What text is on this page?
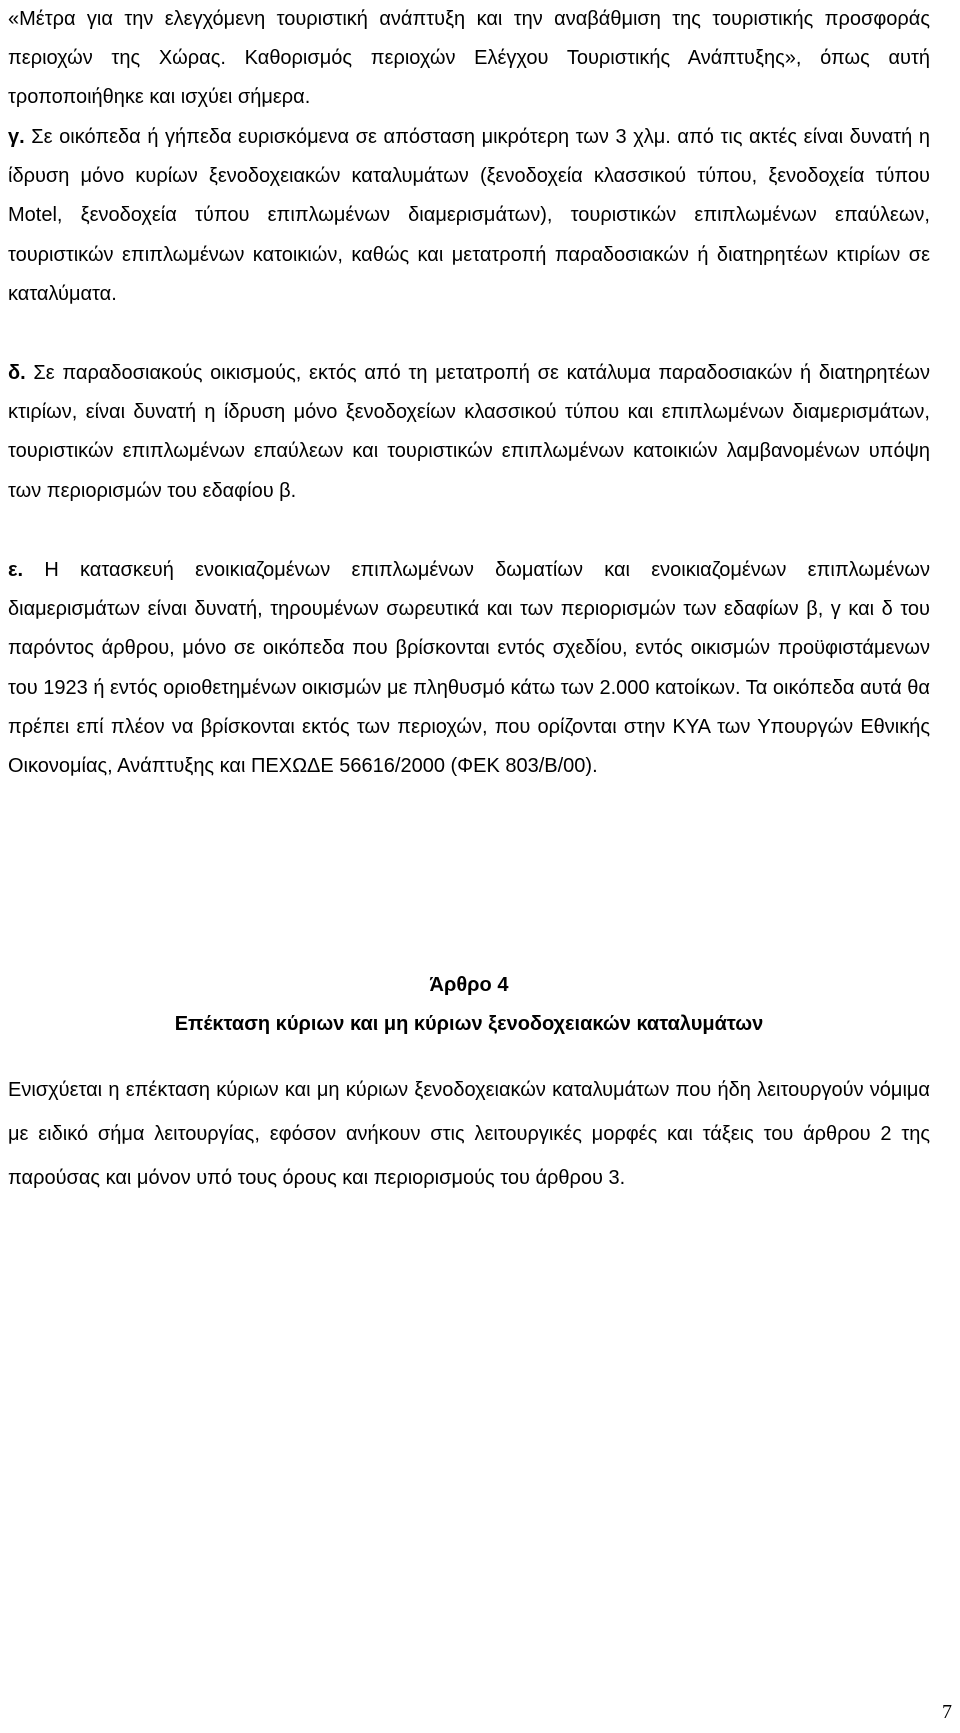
«Μέτρα για την ελεγχόμενη τουριστική ανάπτυξη και την αναβάθμιση της τουριστικής προσφοράς περιοχών της Χώρας. Καθορισμός περιοχών Ελέγχου Τουριστικής Ανάπτυξης», όπως αυτή τροποποιήθηκε και ισχύει σήμερα.

γ. Σε οικόπεδα ή γήπεδα ευρισκόμενα σε απόσταση μικρότερη των 3 χλμ. από τις ακτές είναι δυνατή η ίδρυση μόνο κυρίων ξενοδοχειακών καταλυμάτων (ξενοδοχεία κλασσικού τύπου, ξενοδοχεία τύπου Motel, ξενοδοχεία τύπου επιπλωμένων διαμερισμάτων), τουριστικών επιπλωμένων επαύλεων, τουριστικών επιπλωμένων κατοικιών, καθώς και μετατροπή παραδοσιακών ή διατηρητέων κτιρίων σε καταλύματα.

δ. Σε παραδοσιακούς οικισμούς, εκτός από τη μετατροπή σε κατάλυμα παραδοσιακών ή διατηρητέων κτιρίων, είναι δυνατή η ίδρυση μόνο ξενοδοχείων κλασσικού τύπου και επιπλωμένων διαμερισμάτων, τουριστικών επιπλωμένων επαύλεων και τουριστικών επιπλωμένων κατοικιών λαμβανομένων υπόψη των περιορισμών του εδαφίου β.

ε. Η κατασκευή ενοικιαζομένων επιπλωμένων δωματίων και ενοικιαζομένων επιπλωμένων διαμερισμάτων είναι δυνατή, τηρουμένων σωρευτικά και των περιορισμών των εδαφίων β, γ και δ του παρόντος άρθρου, μόνο σε οικόπεδα που βρίσκονται εντός σχεδίου, εντός οικισμών προϋφιστάμενων του 1923 ή εντός οριοθετημένων οικισμών με πληθυσμό κάτω των 2.000 κατοίκων. Τα οικόπεδα αυτά θα πρέπει επί πλέον να βρίσκονται εκτός των περιοχών, που ορίζονται στην ΚΥΑ των Υπουργών Εθνικής Οικονομίας, Ανάπτυξης και ΠΕΧΩΔΕ 56616/2000 (ΦΕΚ 803/Β/00).

Άρθρο 4
Επέκταση κύριων και μη κύριων ξενοδοχειακών καταλυμάτων

Ενισχύεται η επέκταση κύριων και μη κύριων ξενοδοχειακών καταλυμάτων που ήδη λειτουργούν νόμιμα με ειδικό σήμα λειτουργίας, εφόσον ανήκουν στις λειτουργικές μορφές και τάξεις του άρθρου 2 της παρούσας και μόνον υπό τους όρους και περιορισμούς του άρθρου 3.

7
